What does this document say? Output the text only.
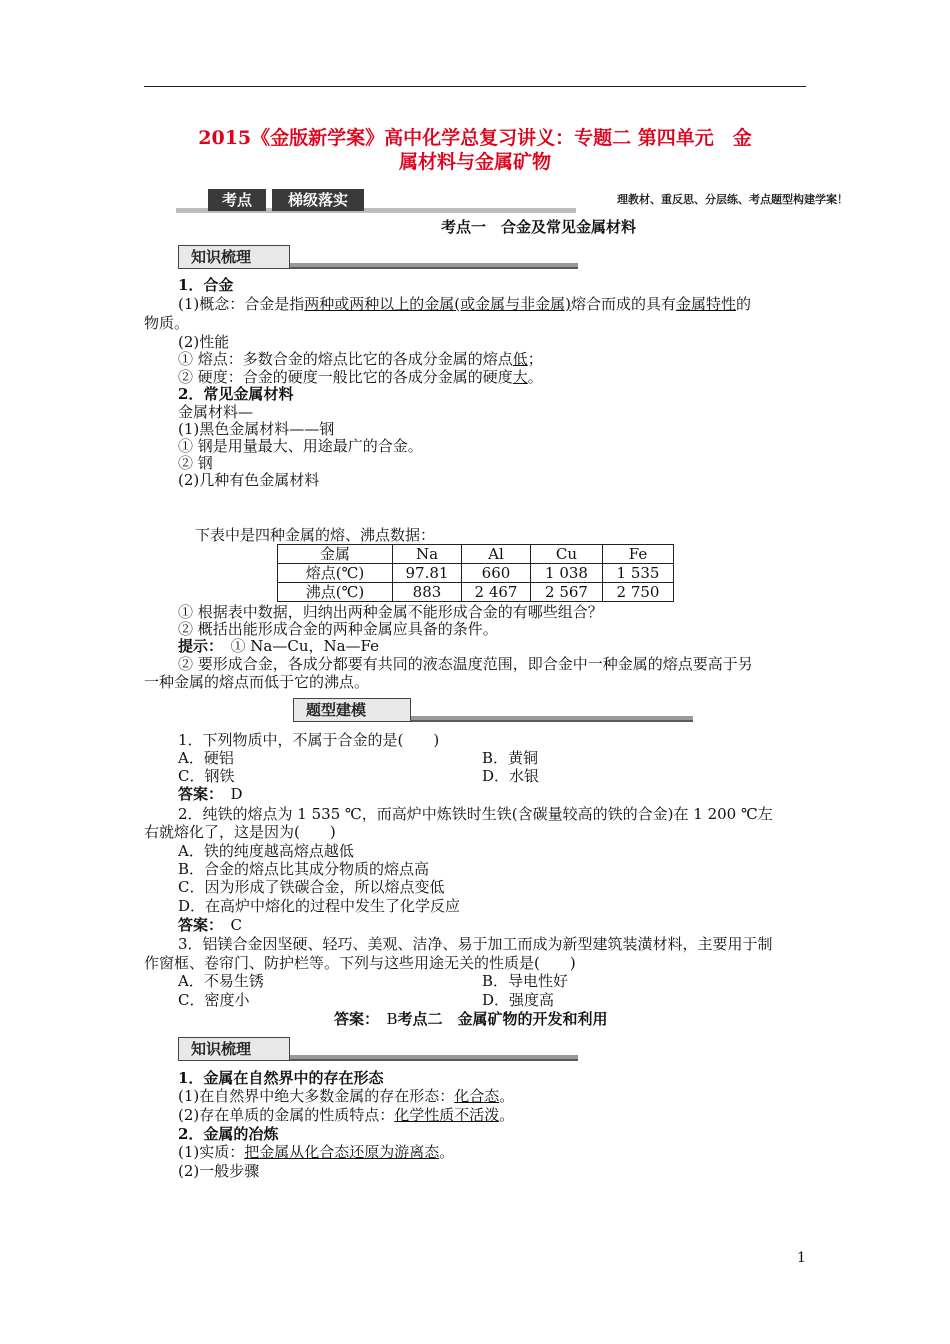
2015《金版新学案》高中化学总复习讲义：专题二 第四单元　金
属材料与金属矿物
考点	梯级落实	理教材、重反思、分层练、考点题型构建学案！
考点一　合金及常见金属材料
知识梳理
1．合金
(1)概念：合金是指两种或两种以上的金属(或金属与非金属)熔合而成的具有金属特性的
物质。
(2)性能
① 熔点：多数合金的熔点比它的各成分金属的熔点低；
② 硬度：合金的硬度一般比它的各成分金属的硬度大。
2．常见金属材料
金属材料—
(1)黑色金属材料——钢
① 钢是用量最大、用途最广的合金。
② 钢
(2)几种有色金属材料
下表中是四种金属的熔、沸点数据：
金属	Na	Al	Cu	Fe
熔点(℃)	97.81	660	1 038	1 535
沸点(℃)	883	2 467	2 567	2 750
① 根据表中数据，归纳出两种金属不能形成合金的有哪些组合？
② 概括出能形成合金的两种金属应具备的条件。
提示：　① Na—Cu，Na—Fe
② 要形成合金，各成分都要有共同的液态温度范围，即合金中一种金属的熔点要高于另
一种金属的熔点而低于它的沸点。
题型建模
1．下列物质中，不属于合金的是(　　)
A．硬铝	B．黄铜
C．钢铁	D．水银
答案：　D
2．纯铁的熔点为 1 535 ℃，而高炉中炼铁时生铁(含碳量较高的铁的合金)在 1 200 ℃左
右就熔化了，这是因为(　　)
A．铁的纯度越高熔点越低
B．合金的熔点比其成分物质的熔点高
C．因为形成了铁碳合金，所以熔点变低
D．在高炉中熔化的过程中发生了化学反应
答案：　C
3．铝镁合金因坚硬、轻巧、美观、洁净、易于加工而成为新型建筑装潢材料，主要用于制
作窗框、卷帘门、防护栏等。下列与这些用途无关的性质是(　　)
A．不易生锈	B．导电性好
C．密度小	D．强度高
答案：　B考点二　金属矿物的开发和利用
知识梳理
1．金属在自然界中的存在形态
(1)在自然界中绝大多数金属的存在形态：化合态。
(2)存在单质的金属的性质特点：化学性质不活泼。
2．金属的冶炼
(1)实质：把金属从化合态还原为游离态。
(2)一般步骤
1
